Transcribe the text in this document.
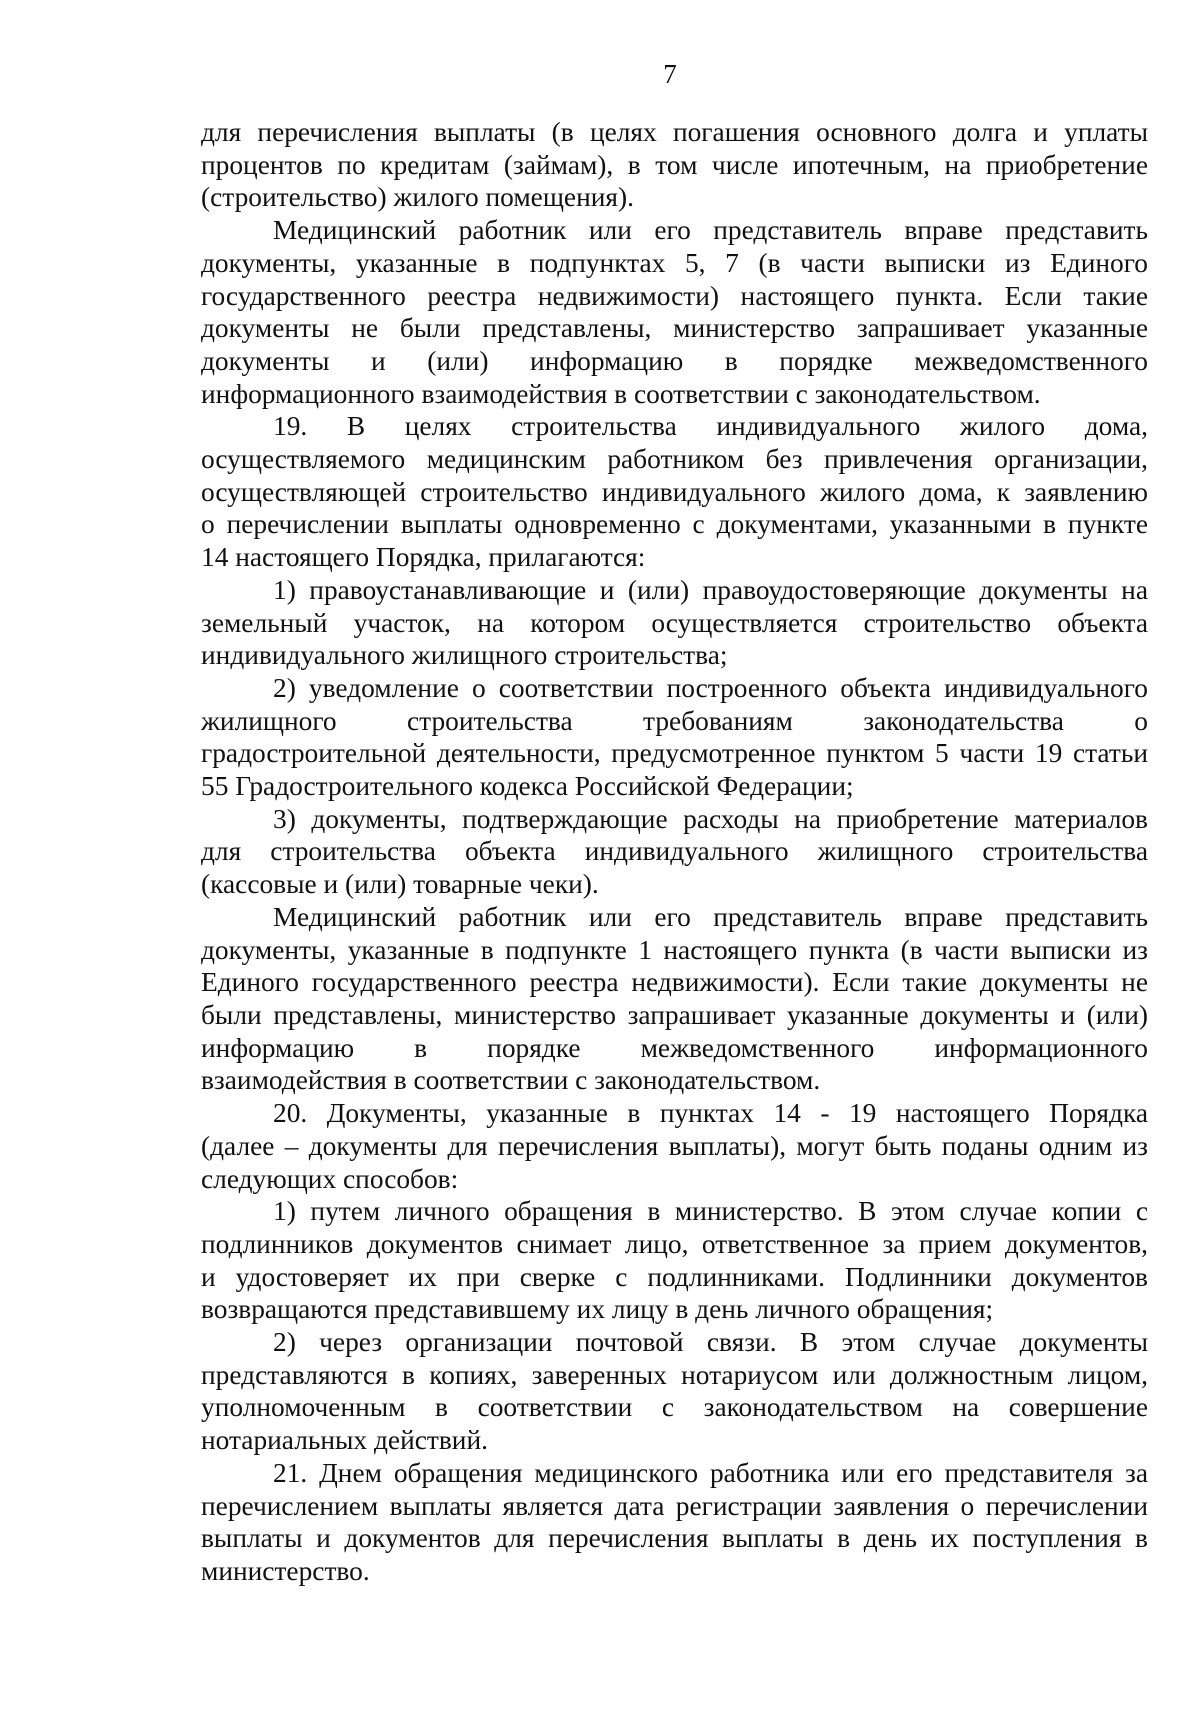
7

для перечисления выплаты (в целях погашения основного долга и уплаты
процентов по кредитам (займам), в том числе ипотечным, на приобретение
(строительство) жилого помещения).

Медицинский работник или его представитель вправе представить
документы, указанные в подпунктах 5, 7 (в части выписки из Единого
государственного реестра недвижимости) настоящего пункта. Если такие
документы не были представлены, министерство запрашивает указанные
документы и (или) информацию в порядке межведомственного
информационного взаимодействия в соответствии с законодательством.

19. В целях строительства индивидуального жилого дома,
осуществляемого медицинским работником без привлечения организации,
осуществляющей строительство индивидуального жилого дома, к заявлению
о перечислении выплаты одновременно с документами, указанными в пункте
14 настоящего Порядка, прилагаются:

1) правоустанавливающие и (или) правоудостоверяющие документы на
земельный участок, на котором осуществляется строительство объекта
индивидуального жилищного строительства;

2) уведомление о соответствии построенного объекта индивидуального
жилищного строительства требованиям законодательства о
градостроительной деятельности, предусмотренное пунктом 5 части 19 статьи
55 Градостроительного кодекса Российской Федерации;

3) документы, подтверждающие расходы на приобретение материалов
для строительства объекта индивидуального жилищного строительства
(кассовые и (или) товарные чеки).

Медицинский работник или его представитель вправе представить
документы, указанные в подпункте 1 настоящего пункта (в части выписки из
Единого государственного реестра недвижимости). Если такие документы не
были представлены, министерство запрашивает указанные документы и (или)
информацию в порядке межведомственного информационного
взаимодействия в соответствии с законодательством.

20. Документы, указанные в пунктах 14 - 19 настоящего Порядка
(далее – документы для перечисления выплаты), могут быть поданы одним из
следующих способов:

1) путем личного обращения в министерство. В этом случае копии с
подлинников документов снимает лицо, ответственное за прием документов,
и удостоверяет их при сверке с подлинниками. Подлинники документов
возвращаются представившему их лицу в день личного обращения;

2) через организации почтовой связи. В этом случае документы
представляются в копиях, заверенных нотариусом или должностным лицом,
уполномоченным в соответствии с законодательством на совершение
нотариальных действий.

21. Днем обращения медицинского работника или его представителя за
перечислением выплаты является дата регистрации заявления о перечислении
выплаты и документов для перечисления выплаты в день их поступления в
министерство.
